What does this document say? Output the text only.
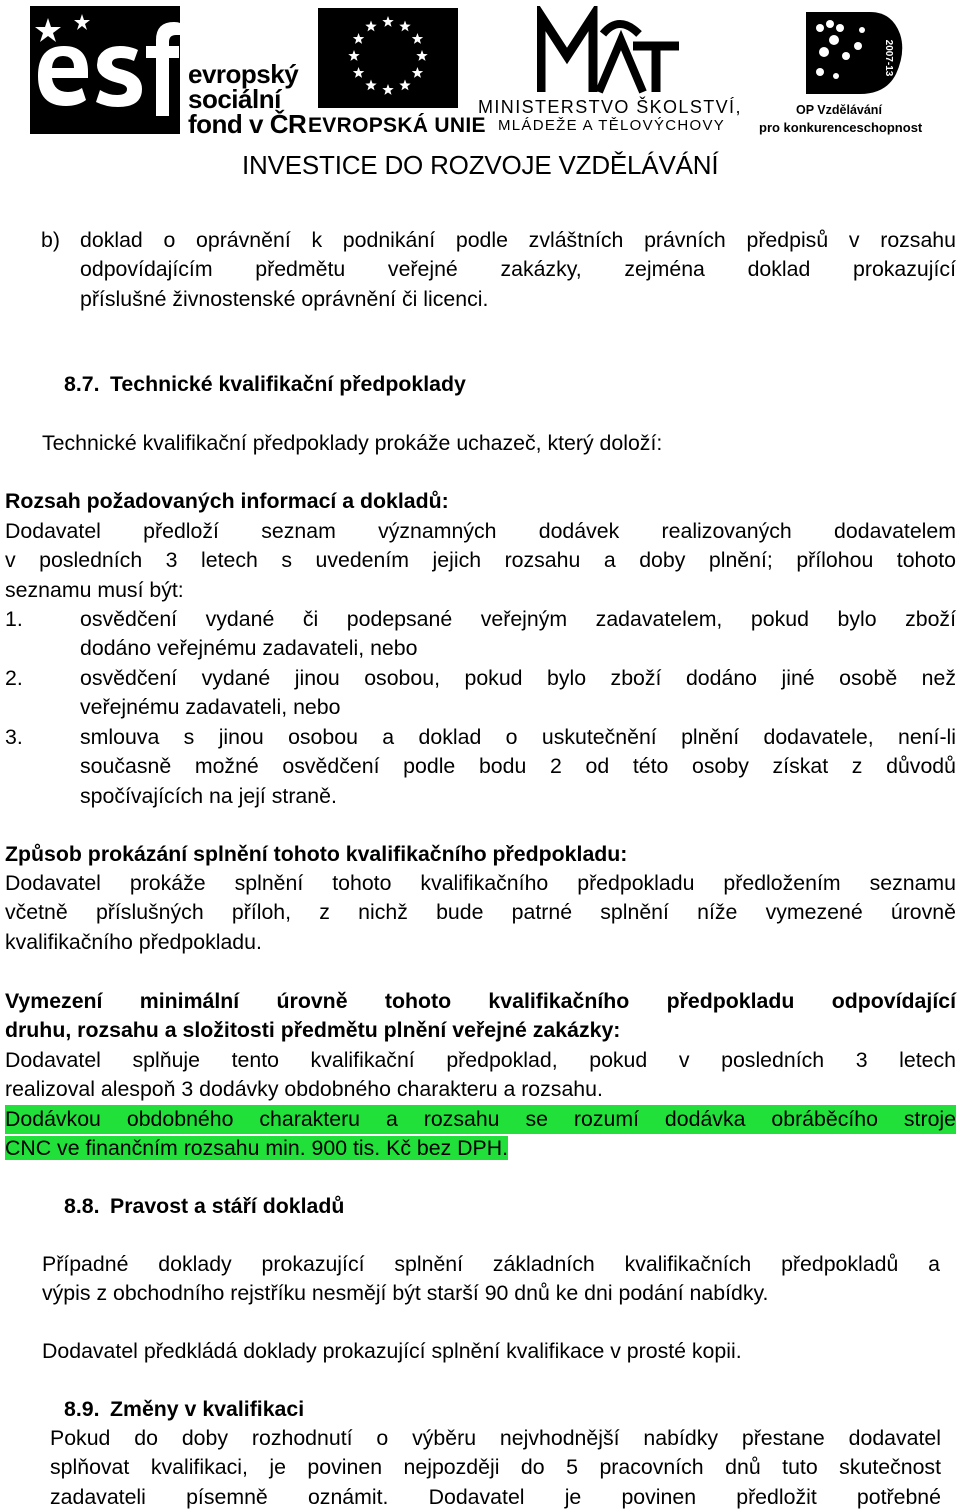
evropský
sociální
fond v ČR EVROPSKÁ UNIE
MINISTERSTVO ŠKOLSTVÍ,
MLÁDEŽE A TĚLOVÝCHOVY
2007-13
OP Vzdělávání
pro konkurenceschopnost
INVESTICE DO ROZVOJE VZDĚLÁVÁNÍ
b) doklad o oprávnění k podnikání podle zvláštních právních předpisů v rozsahu
odpovídajícím předmětu veřejné zakázky, zejména doklad prokazující
příslušné živnostenské oprávnění či licenci.
8.7. Technické kvalifikační předpoklady
Technické kvalifikační předpoklady prokáže uchazeč, který doloží:
Rozsah požadovaných informací a dokladů:
Dodavatel předloží seznam významných dodávek realizovaných dodavatelem
v posledních 3 letech s uvedením jejich rozsahu a doby plnění; přílohou tohoto
seznamu musí být:
1.	osvědčení vydané či podepsané veřejným zadavatelem, pokud bylo zboží
dodáno veřejnému zadavateli, nebo
2.	osvědčení vydané jinou osobou, pokud bylo zboží dodáno jiné osobě než
veřejnému zadavateli, nebo
3.	smlouva s jinou osobou a doklad o uskutečnění plnění dodavatele, není-li
současně možné osvědčení podle bodu 2 od této osoby získat z důvodů
spočívajících na její straně.
Způsob prokázání splnění tohoto kvalifikačního předpokladu:
Dodavatel prokáže splnění tohoto kvalifikačního předpokladu předložením seznamu
včetně příslušných příloh, z nichž bude patrné splnění níže vymezené úrovně
kvalifikačního předpokladu.
Vymezení minimální úrovně tohoto kvalifikačního předpokladu odpovídající
druhu, rozsahu a složitosti předmětu plnění veřejné zakázky:
Dodavatel splňuje tento kvalifikační předpoklad, pokud v posledních 3 letech
realizoval alespoň 3 dodávky obdobného charakteru a rozsahu.
Dodávkou obdobného charakteru a rozsahu se rozumí dodávka obráběcího stroje
CNC ve finančním rozsahu min. 900 tis. Kč bez DPH.
8.8. Pravost a stáří dokladů
Případné doklady prokazující splnění základních kvalifikačních předpokladů a
výpis z obchodního rejstříku nesmějí být starší 90 dnů ke dni podání nabídky.
Dodavatel předkládá doklady prokazující splnění kvalifikace v prosté kopii.
8.9. Změny v kvalifikaci
Pokud do doby rozhodnutí o výběru nejvhodnější nabídky přestane dodavatel
splňovat kvalifikaci, je povinen nejpozději do 5 pracovních dnů tuto skutečnost
zadavateli písemně oznámit. Dodavatel je povinen předložit potřebné
